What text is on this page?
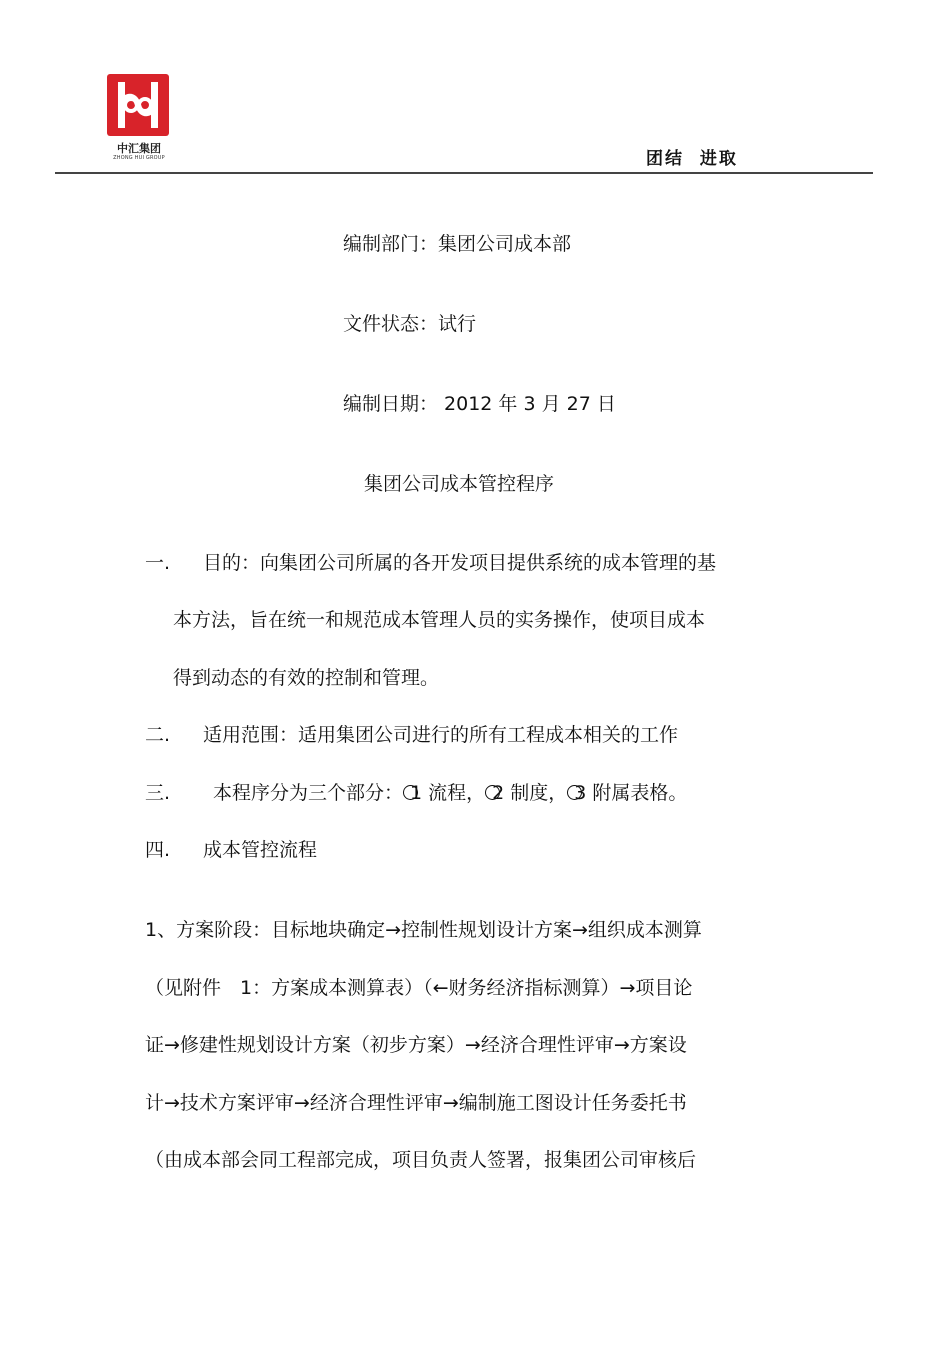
中汇集团
ZHONG HUI GROUP	团结  进取
编制部门：集团公司成本部
文件状态：试行
编制日期： 2012 年 3 月 27 日
集团公司成本管控程序
一. 目的：向集团公司所属的各开发项目提供系统的成本管理的基
本方法，旨在统一和规范成本管理人员的实务操作，使项目成本
得到动态的有效的控制和管理。
二. 适用范围：适用集团公司进行的所有工程成本相关的工作
三. 本程序分为三个部分： 1 流程， 2 制度， 3 附属表格。
四. 成本管控流程
1、方案阶段：目标地块确定→控制性规划设计方案→组织成本测算
（见附件　1：方案成本测算表）（←财务经济指标测算）→项目论
证→修建性规划设计方案（初步方案）→经济合理性评审→方案设
计→技术方案评审→经济合理性评审→编制施工图设计任务委托书
（由成本部会同工程部完成，项目负责人签署，报集团公司审核后
